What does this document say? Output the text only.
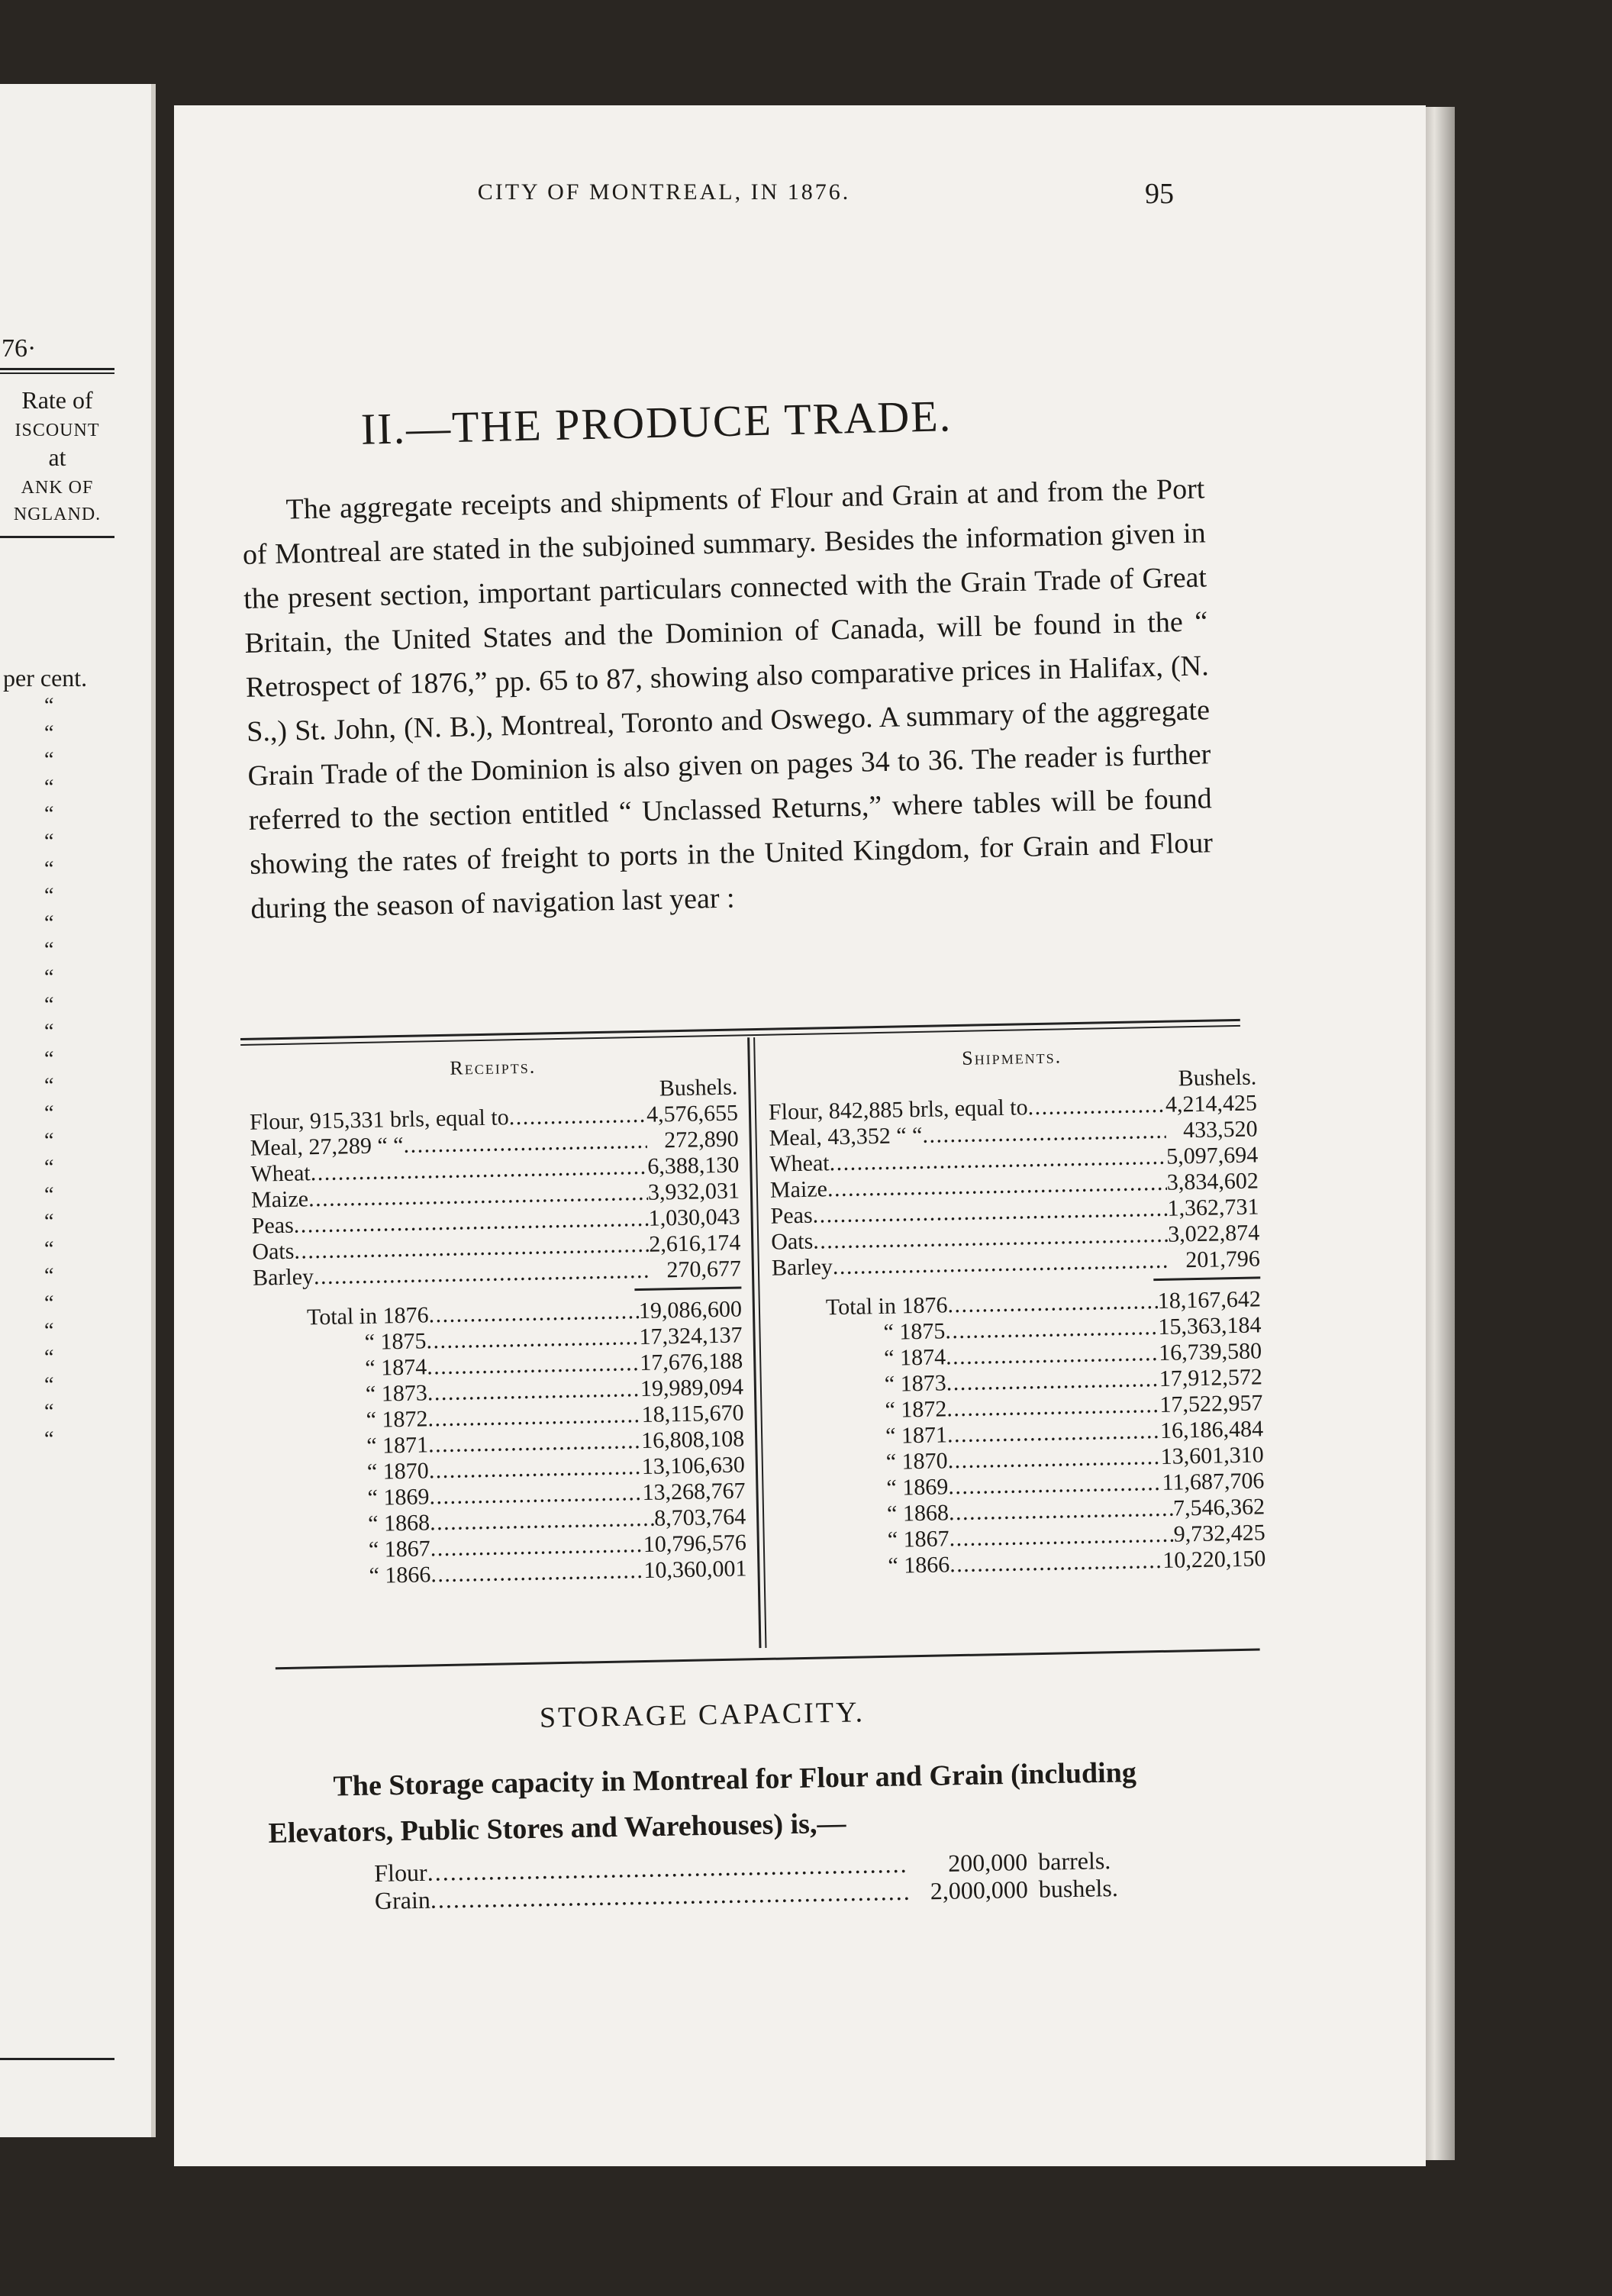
76·
Rate of
ISCOUNT
at
ANK OF
NGLAND.
per cent.
“
“
“
“
“
“
“
“
“
“
“
“
“
“
“
“
“
“
“
“
“
“
“
“
“
“
“
“
CITY OF MONTREAL, IN 1876.	95
II.—THE PRODUCE TRADE.

The aggregate receipts and shipments of Flour and Grain at and from the Port of Montreal are stated in the subjoined summary. Besides the information given in the present section, important particulars connected with the Grain Trade of Great Britain, the United States and the Dominion of Canada, will be found in the “ Retrospect of 1876,” pp. 65 to 87, showing also comparative prices in Halifax, (N. S.,) St. John, (N. B.), Montreal, Toronto and Oswego. A summary of the aggregate Grain Trade of the Dominion is also given on pages 34 to 36. The reader is further referred to the section entitled “ Unclassed Returns,” where tables will be found showing the rates of freight to ports in the United Kingdom, for Grain and Flour during the season of navigation last year :

Receipts.
Bushels.
Flour, 915,331 brls, equal to . . .	4,576,655
Meal, 27,289 “ “ . . .	272,890
Wheat . . .	6,388,130
Maize . . .	3,932,031
Peas . . .	1,030,043
Oats . . .	2,616,174
Barley . . .	270,677
Total in 1876 . . .	19,086,600
“ 1875 . . .	17,324,137
“ 1874 . . .	17,676,188
“ 1873 . . .	19,989,094
“ 1872 . . .	18,115,670
“ 1871 . . .	16,808,108
“ 1870 . . .	13,106,630
“ 1869 . . .	13,268,767
“ 1868 . . .	8,703,764
“ 1867 . . .	10,796,576
“ 1866 . . .	10,360,001
Shipments.
Bushels.
Flour, 842,885 brls, equal to . . .	4,214,425
Meal, 43,352 “ “ . . .	433,520
Wheat . . .	5,097,694
Maize . . .	3,834,602
Peas . . .	1,362,731
Oats . . .	3,022,874
Barley . . .	201,796
Total in 1876 . . .	18,167,642
“ 1875 . . .	15,363,184
“ 1874 . . .	16,739,580
“ 1873 . . .	17,912,572
“ 1872 . . .	17,522,957
“ 1871 . . .	16,186,484
“ 1870 . . .	13,601,310
“ 1869 . . .	11,687,706
“ 1868 . . .	7,546,362
“ 1867 . . .	9,732,425
“ 1866 . . .	10,220,150
STORAGE CAPACITY.
The Storage capacity in Montreal for Flour and Grain (including Elevators, Public Stores and Warehouses) is,—
Flour . . .	200,000 barrels.
Grain . . .	2,000,000 bushels.
